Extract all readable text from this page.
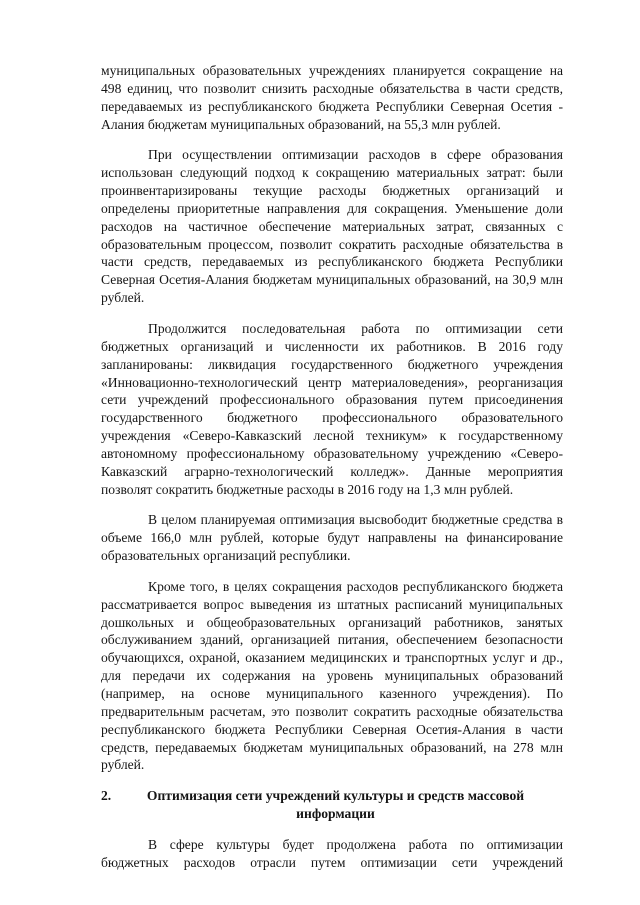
муниципальных образовательных учреждениях планируется сокращение на 498 единиц, что позволит снизить расходные обязательства в части средств, передаваемых из республиканского бюджета Республики Северная Осетия - Алания бюджетам муниципальных образований, на 55,3 млн рублей.

При осуществлении оптимизации расходов в сфере образования использован следующий подход к сокращению материальных затрат: были проинвентаризированы текущие расходы бюджетных организаций и определены приоритетные направления для сокращения. Уменьшение доли расходов на частичное обеспечение материальных затрат, связанных с образовательным процессом, позволит сократить расходные обязательства в части средств, передаваемых из республиканского бюджета Республики Северная Осетия-Алания бюджетам муниципальных образований, на 30,9 млн рублей.

Продолжится последовательная работа по оптимизации сети бюджетных организаций и численности их работников. В 2016 году запланированы: ликвидация государственного бюджетного учреждения «Инновационно-технологический центр материаловедения», реорганизация сети учреждений профессионального образования путем присоединения государственного бюджетного профессионального образовательного учреждения «Северо-Кавказский лесной техникум» к государственному автономному профессиональному образовательному учреждению «Северо-Кавказский аграрно-технологический колледж». Данные мероприятия позволят сократить бюджетные расходы в 2016 году на 1,3 млн рублей.

В целом планируемая оптимизация высвободит бюджетные средства в объеме 166,0 млн рублей, которые будут направлены на финансирование образовательных организаций республики.

Кроме того, в целях сокращения расходов республиканского бюджета рассматривается вопрос выведения из штатных расписаний муниципальных дошкольных и общеобразовательных организаций работников, занятых обслуживанием зданий, организацией питания, обеспечением безопасности обучающихся, охраной, оказанием медицинских и транспортных услуг и др., для передачи их содержания на уровень муниципальных образований (например, на основе муниципального казенного учреждения). По предварительным расчетам, это позволит сократить расходные обязательства республиканского бюджета Республики Северная Осетия-Алания в части средств, передаваемых бюджетам муниципальных образований, на 278 млн рублей.

2.	Оптимизация сети учреждений культуры и средств массовой информации

В сфере культуры будет продолжена работа по оптимизации бюджетных расходов отрасли путем оптимизации сети учреждений
